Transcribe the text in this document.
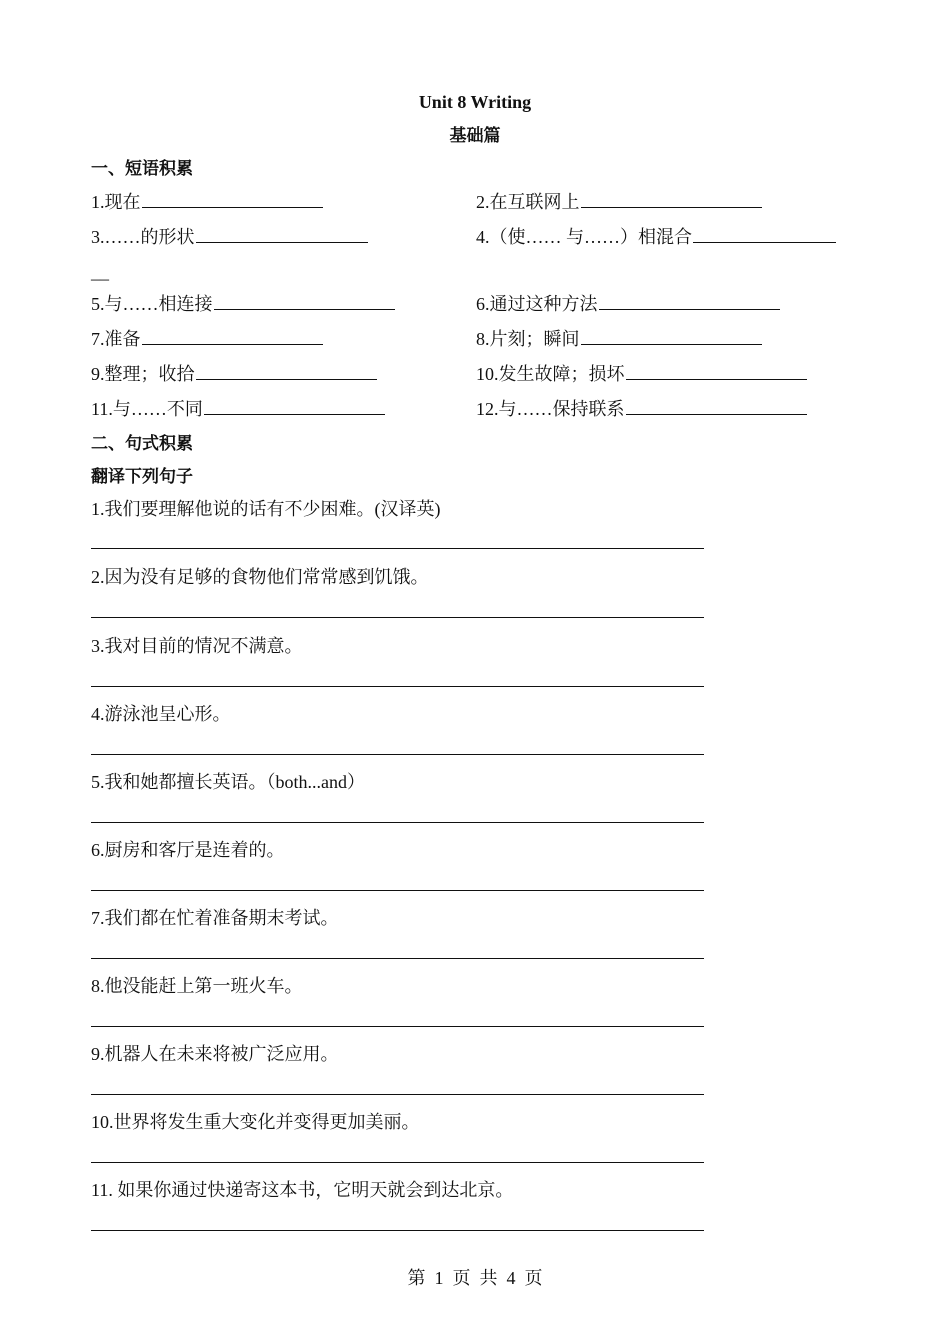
Unit 8 Writing
基础篇
一、短语积累
1.现在	2.在互联网上
3.……的形状	4.（使…… 与……）相混合
__
5.与……相连接	6.通过这种方法
7.准备	8.片刻；瞬间
9.整理；收拾	10.发生故障；损坏
11.与……不同	12.与……保持联系
二、句式积累
翻译下列句子
1.我们要理解他说的话有不少困难。(汉译英)
2.因为没有足够的食物他们常常感到饥饿。
3.我对目前的情况不满意。
4.游泳池呈心形。
5.我和她都擅长英语。（both...and）
6.厨房和客厅是连着的。
7.我们都在忙着准备期末考试。
8.他没能赶上第一班火车。
9.机器人在未来将被广泛应用。
10.世界将发生重大变化并变得更加美丽。
11. 如果你通过快递寄这本书，它明天就会到达北京。
第  1  页  共  4  页
